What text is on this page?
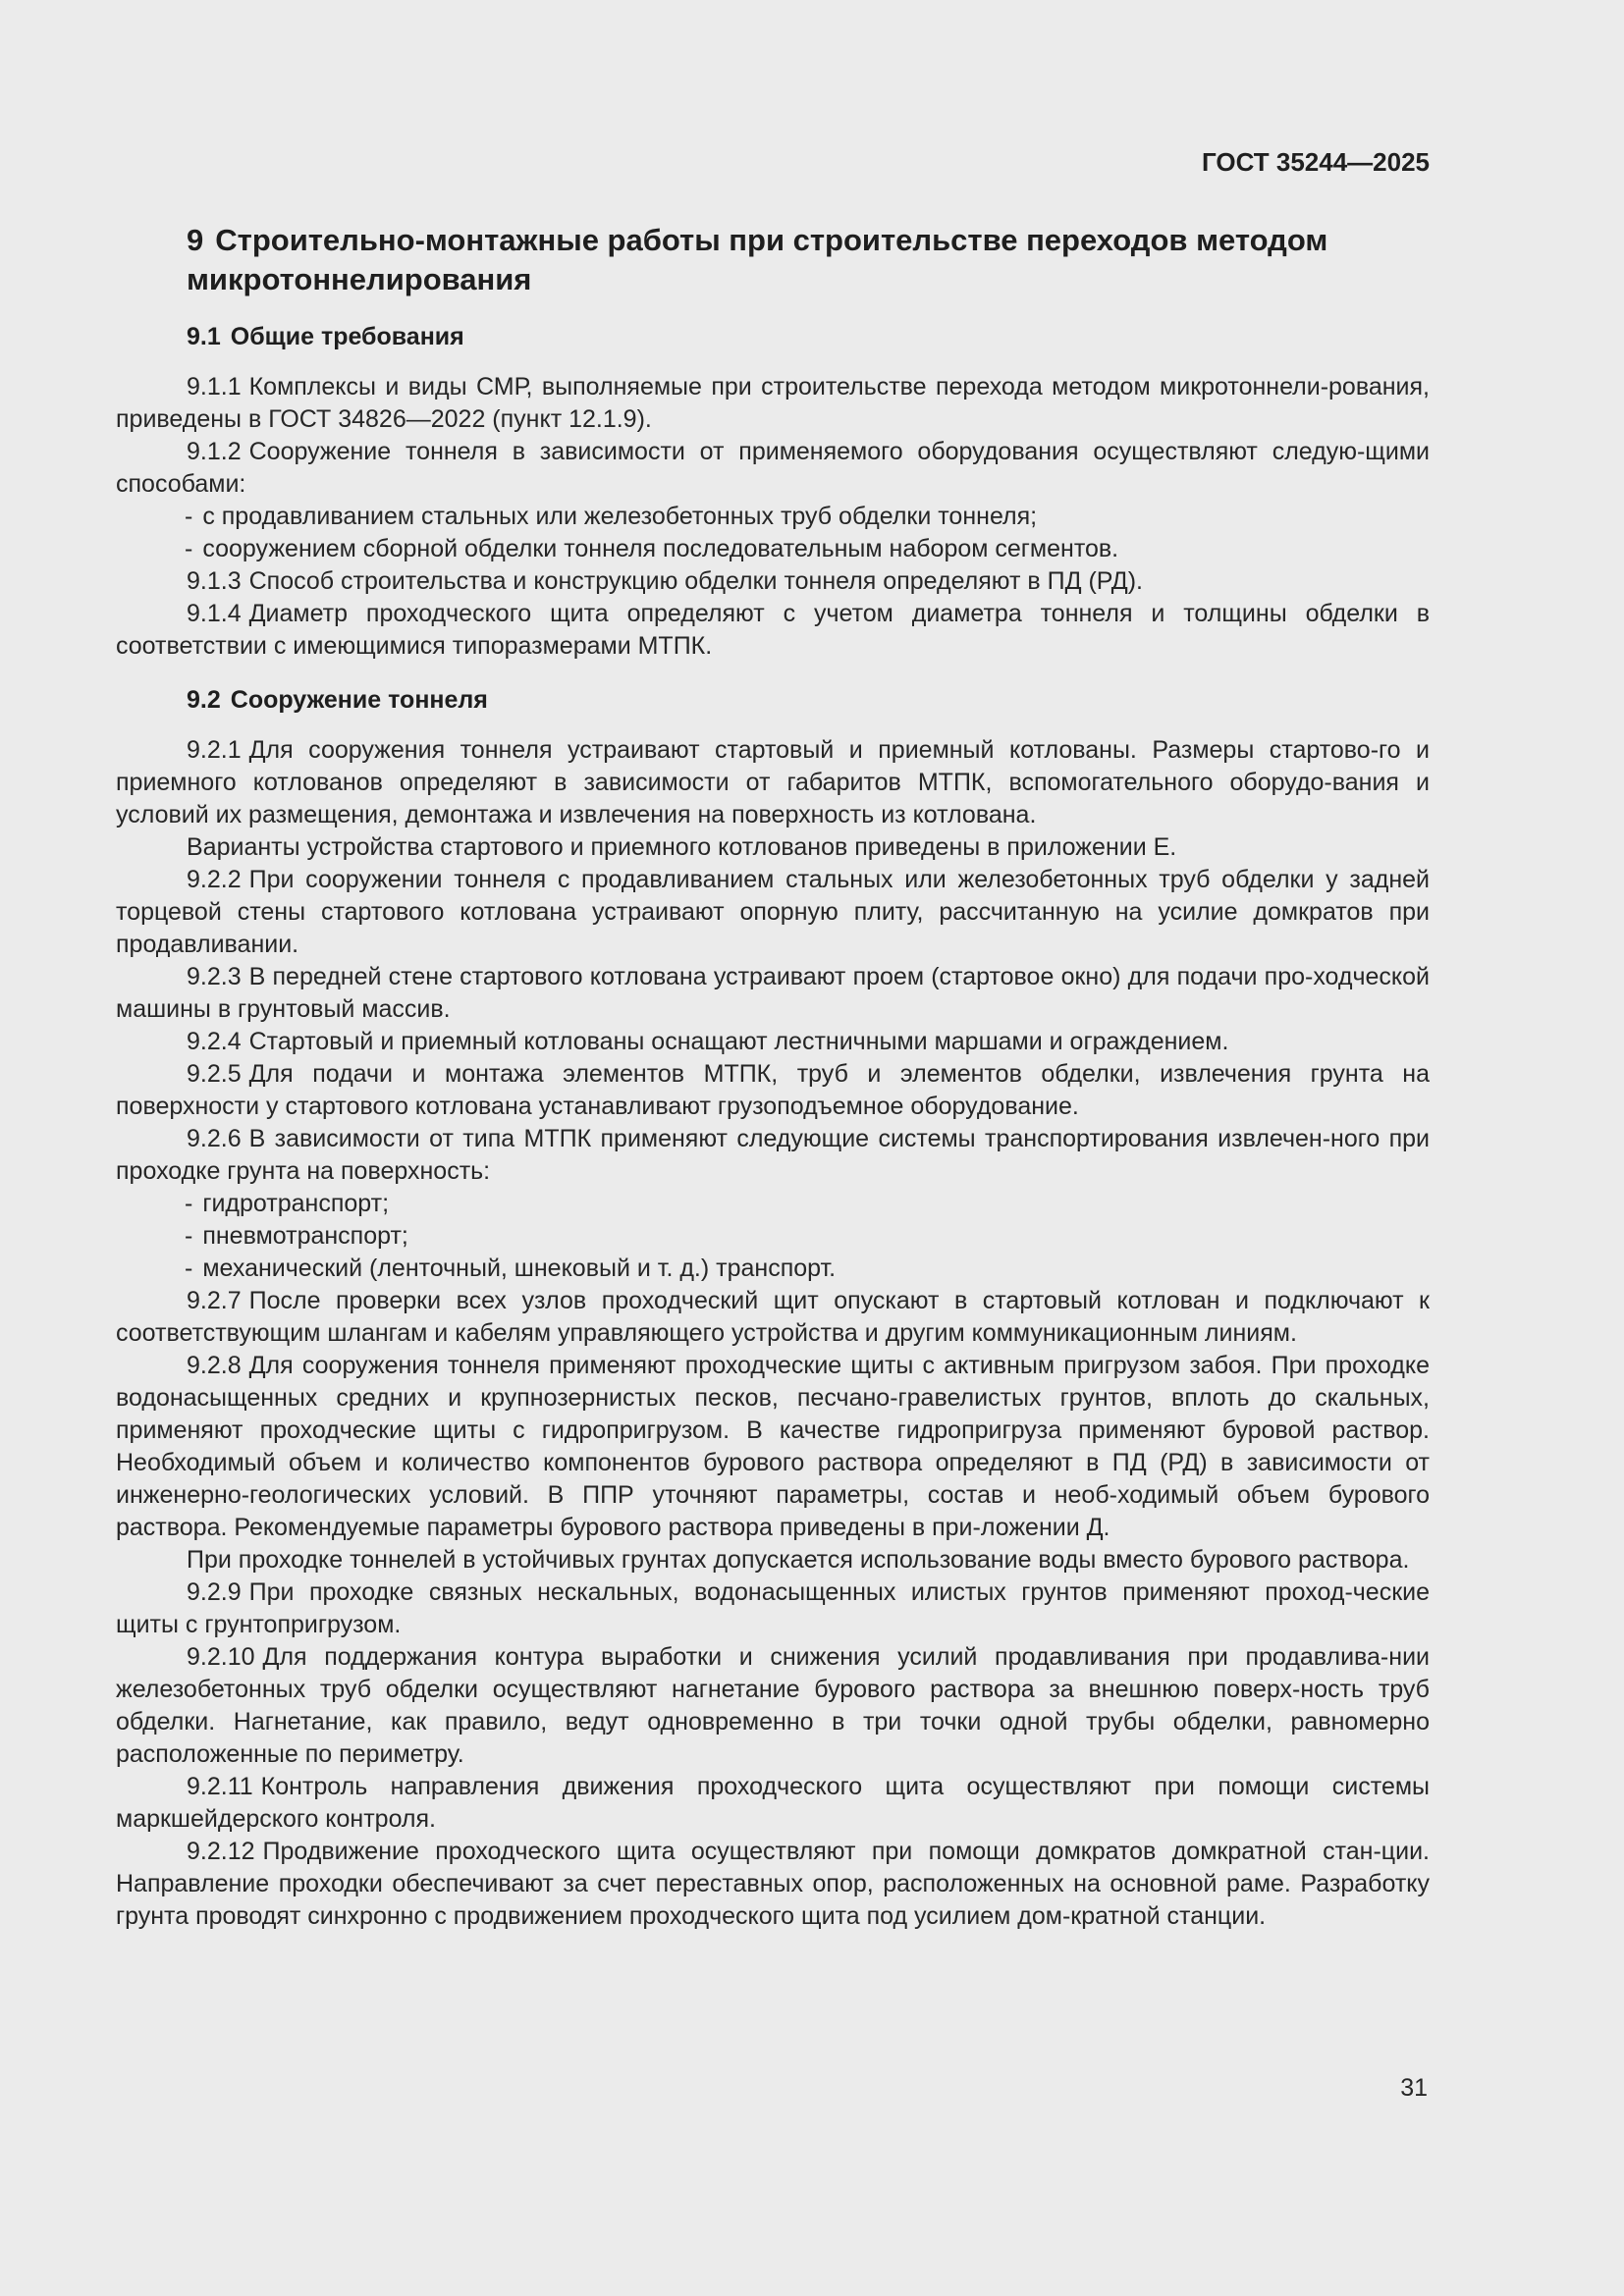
ГОСТ 35244—2025
9 Строительно-монтажные работы при строительстве переходов методом микротоннелирования
9.1 Общие требования

9.1.1 Комплексы и виды СМР, выполняемые при строительстве перехода методом микротоннели-рования, приведены в ГОСТ 34826—2022 (пункт 12.1.9).

9.1.2 Сооружение тоннеля в зависимости от применяемого оборудования осуществляют следую-щими способами:

- с продавливанием стальных или железобетонных труб обделки тоннеля;

- сооружением сборной обделки тоннеля последовательным набором сегментов.

9.1.3 Способ строительства и конструкцию обделки тоннеля определяют в ПД (РД).

9.1.4 Диаметр проходческого щита определяют с учетом диаметра тоннеля и толщины обделки в соответствии с имеющимися типоразмерами МТПК.

9.2 Сооружение тоннеля

9.2.1 Для сооружения тоннеля устраивают стартовый и приемный котлованы. Размеры стартово-го и приемного котлованов определяют в зависимости от габаритов МТПК, вспомогательного оборудо-вания и условий их размещения, демонтажа и извлечения на поверхность из котлована.

Варианты устройства стартового и приемного котлованов приведены в приложении Е.

9.2.2 При сооружении тоннеля с продавливанием стальных или железобетонных труб обделки у задней торцевой стены стартового котлована устраивают опорную плиту, рассчитанную на усилие домкратов при продавливании.

9.2.3 В передней стене стартового котлована устраивают проем (стартовое окно) для подачи про-ходческой машины в грунтовый массив.

9.2.4 Стартовый и приемный котлованы оснащают лестничными маршами и ограждением.

9.2.5 Для подачи и монтажа элементов МТПК, труб и элементов обделки, извлечения грунта на поверхности у стартового котлована устанавливают грузоподъемное оборудование.

9.2.6 В зависимости от типа МТПК применяют следующие системы транспортирования извлечен-ного при проходке грунта на поверхность:

- гидротранспорт;

- пневмотранспорт;

- механический (ленточный, шнековый и т. д.) транспорт.

9.2.7 После проверки всех узлов проходческий щит опускают в стартовый котлован и подключают к соответствующим шлангам и кабелям управляющего устройства и другим коммуникационным линиям.

9.2.8 Для сооружения тоннеля применяют проходческие щиты с активным пригрузом забоя. При проходке водонасыщенных средних и крупнозернистых песков, песчано-гравелистых грунтов, вплоть до скальных, применяют проходческие щиты с гидропригрузом. В качестве гидропригруза применяют буровой раствор. Необходимый объем и количество компонентов бурового раствора определяют в ПД (РД) в зависимости от инженерно-геологических условий. В ППР уточняют параметры, состав и необ-ходимый объем бурового раствора. Рекомендуемые параметры бурового раствора приведены в при-ложении Д.

При проходке тоннелей в устойчивых грунтах допускается использование воды вместо бурового раствора.

9.2.9 При проходке связных нескальных, водонасыщенных илистых грунтов применяют проход-ческие щиты с грунтопригрузом.

9.2.10 Для поддержания контура выработки и снижения усилий продавливания при продавлива-нии железобетонных труб обделки осуществляют нагнетание бурового раствора за внешнюю поверх-ность труб обделки. Нагнетание, как правило, ведут одновременно в три точки одной трубы обделки, равномерно расположенные по периметру.

9.2.11 Контроль направления движения проходческого щита осуществляют при помощи системы маркшейдерского контроля.

9.2.12 Продвижение проходческого щита осуществляют при помощи домкратов домкратной стан-ции. Направление проходки обеспечивают за счет переставных опор, расположенных на основной раме. Разработку грунта проводят синхронно с продвижением проходческого щита под усилием дом-кратной станции.

31
